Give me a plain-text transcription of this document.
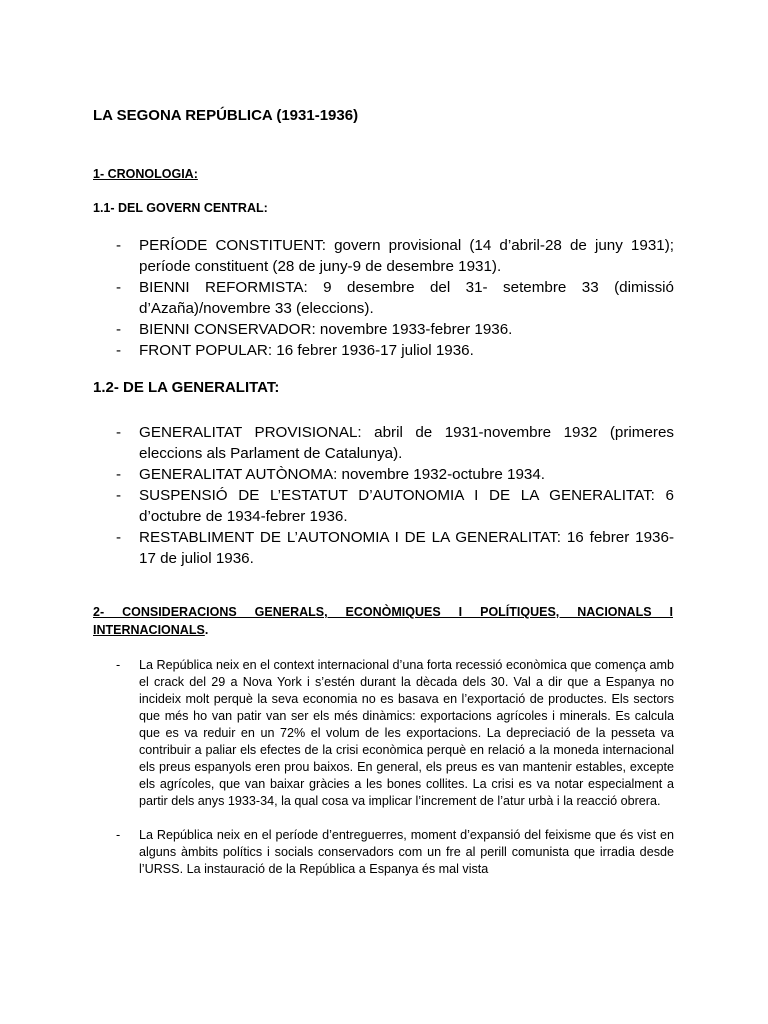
LA SEGONA REPÚBLICA (1931-1936)
1- CRONOLOGIA:
1.1- DEL GOVERN CENTRAL:
- PERÍODE CONSTITUENT: govern provisional (14 d’abril-28 de juny 1931); període constituent (28 de juny-9 de desembre 1931).
- BIENNI REFORMISTA: 9 desembre del 31- setembre 33 (dimissió d’Azaña)/novembre 33 (eleccions).
- BIENNI CONSERVADOR: novembre 1933-febrer 1936.
- FRONT POPULAR: 16 febrer 1936-17 juliol 1936.
1.2- DE LA GENERALITAT:
- GENERALITAT PROVISIONAL: abril de 1931-novembre 1932 (primeres eleccions als Parlament de Catalunya).
- GENERALITAT AUTÒNOMA: novembre 1932-octubre 1934.
- SUSPENSIÓ DE L’ESTATUT D’AUTONOMIA I DE LA GENERALITAT: 6 d’octubre de 1934-febrer 1936.
- RESTABLIMENT DE L’AUTONOMIA I DE LA GENERALITAT: 16 febrer 1936-17 de juliol 1936.
2- CONSIDERACIONS GENERALS, ECONÒMIQUES I POLÍTIQUES, NACIONALS I INTERNACIONALS.
- La República neix en el context internacional d’una forta recessió econòmica que comença amb el crack del 29 a Nova York i s’estén durant la dècada dels 30. Val a dir que a Espanya no incideix molt perquè la seva economia no es basava en l’exportació de productes. Els sectors que més ho van patir van ser els més dinàmics: exportacions agrícoles i minerals. Es calcula que es va reduir en un 72% el volum de les exportacions. La depreciació de la pesseta va contribuir a paliar els efectes de la crisi econòmica perquè en relació a la moneda internacional els preus espanyols eren prou baixos. En general, els preus es van mantenir estables, excepte els agrícoles, que van baixar gràcies a les bones collites. La crisi es va notar especialment a partir dels anys 1933-34, la qual cosa va implicar l’increment de l’atur urbà i la reacció obrera.
- La República neix en el període d’entreguerres, moment d’expansió del feixisme que és vist en alguns àmbits polítics i socials conservadors com un fre al perill comunista que irradia desde l’URSS. La instauració de la República a Espanya és mal vista
